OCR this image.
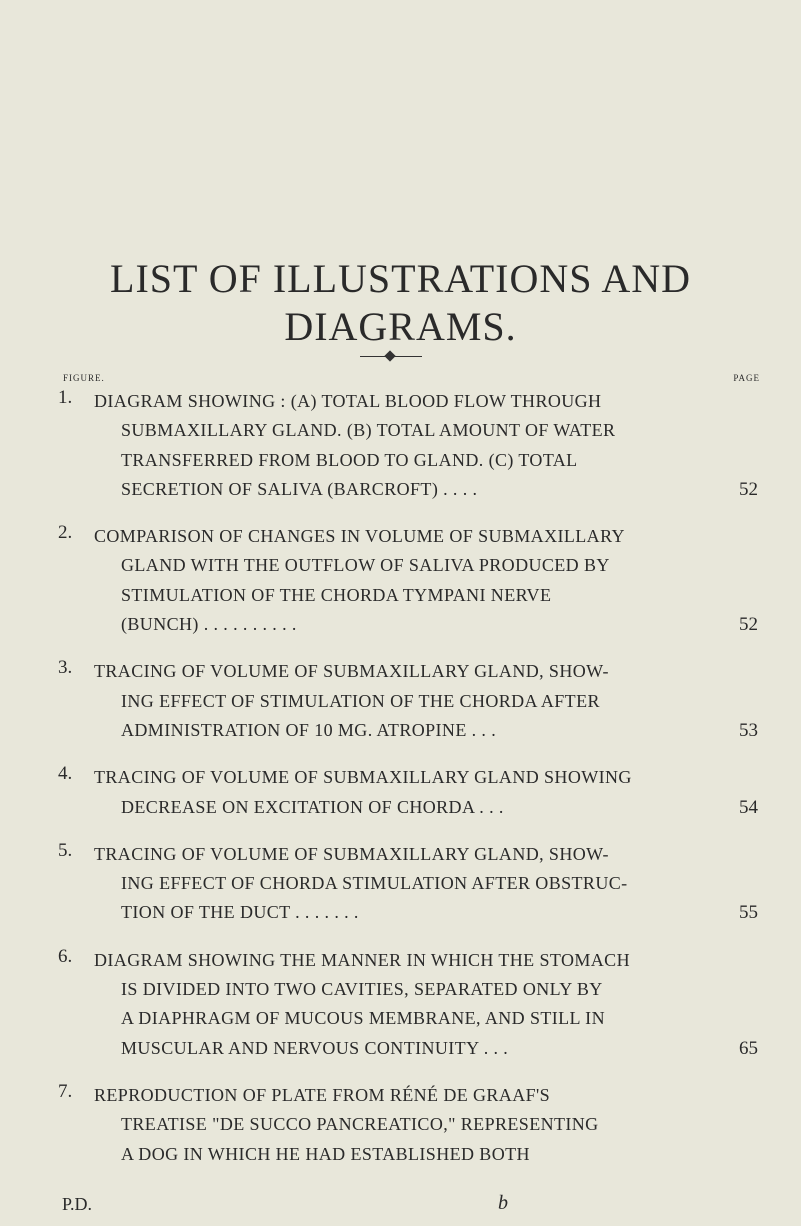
LIST OF ILLUSTRATIONS AND
DIAGRAMS.
FIGURE.	PAGE
1.	DIAGRAM SHOWING : (A) TOTAL BLOOD FLOW THROUGH
SUBMAXILLARY GLAND. (B) TOTAL AMOUNT OF WATER
TRANSFERRED FROM BLOOD TO GLAND. (C) TOTAL
SECRETION OF SALIVA (BARCROFT) . . . .	52
2.	COMPARISON OF CHANGES IN VOLUME OF SUBMAXILLARY
GLAND WITH THE OUTFLOW OF SALIVA PRODUCED BY
STIMULATION OF THE CHORDA TYMPANI NERVE
(BUNCH) . . . . . . . . . .	52
3.	TRACING OF VOLUME OF SUBMAXILLARY GLAND, SHOW-
ING EFFECT OF STIMULATION OF THE CHORDA AFTER
ADMINISTRATION OF 10 MG. ATROPINE . . .	53
4.	TRACING OF VOLUME OF SUBMAXILLARY GLAND SHOWING
DECREASE ON EXCITATION OF CHORDA . . .	54
5.	TRACING OF VOLUME OF SUBMAXILLARY GLAND, SHOW-
ING EFFECT OF CHORDA STIMULATION AFTER OBSTRUC-
TION OF THE DUCT . . . . . . .	55
6.	DIAGRAM SHOWING THE MANNER IN WHICH THE STOMACH
IS DIVIDED INTO TWO CAVITIES, SEPARATED ONLY BY
A DIAPHRAGM OF MUCOUS MEMBRANE, AND STILL IN
MUSCULAR AND NERVOUS CONTINUITY . . .	65
7.	REPRODUCTION OF PLATE FROM RÉNÉ DE GRAAF'S
TREATISE "DE SUCCO PANCREATICO," REPRESENTING
A DOG IN WHICH HE HAD ESTABLISHED BOTH
P.D.	b
